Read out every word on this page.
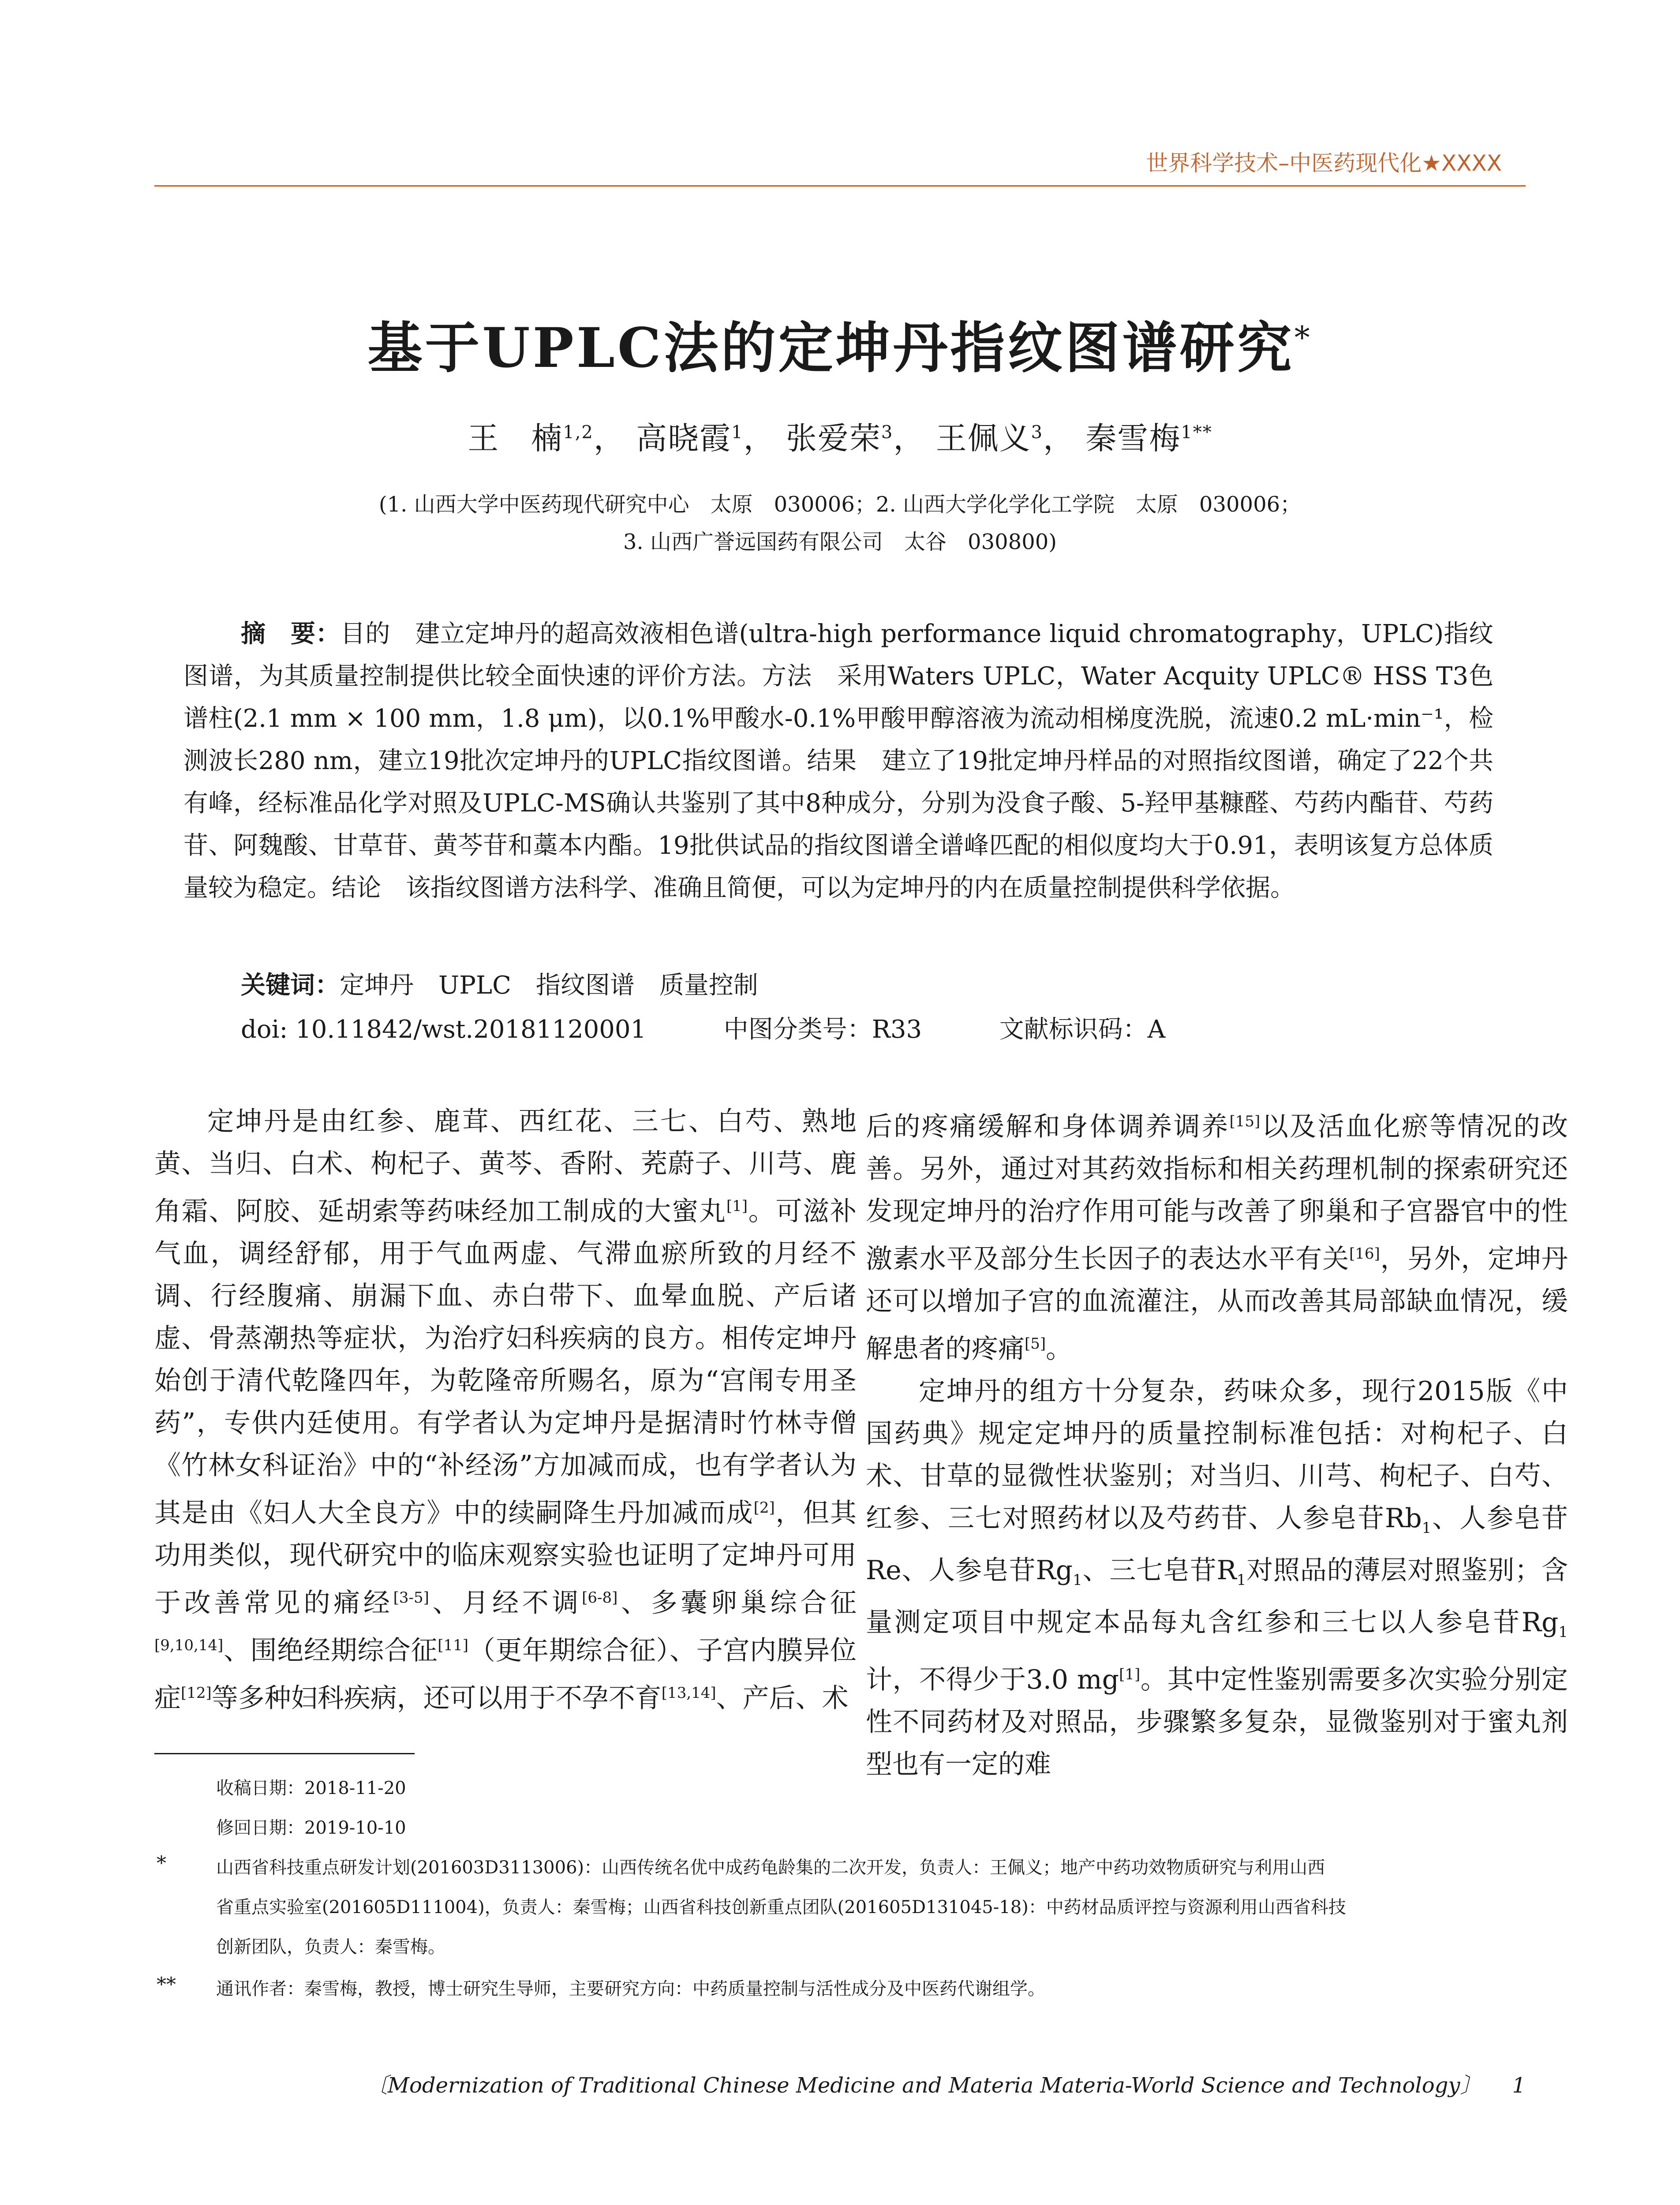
世界科学技术–中医药现代化★XXXX
基于UPLC法的定坤丹指纹图谱研究*
王　楠$^{1,2}$， 高晓霞$^1$， 张爱荣$^3$， 王佩义$^3$， 秦雪梅$^{1**}$
(1. 山西大学中医药现代研究中心　太原　030006；2. 山西大学化学化工学院　太原　030006；
3. 山西广誉远国药有限公司　太谷　030800)

摘　要：目的　建立定坤丹的超高效液相色谱(ultra-high performance liquid chromatography，UPLC)指纹图谱，为其质量控制提供比较全面快速的评价方法。方法　采用Waters UPLC，Water Acquity UPLC® HSS T3色谱柱(2.1 mm × 100 mm，1.8 μm)，以0.1%甲酸水-0.1%甲酸甲醇溶液为流动相梯度洗脱，流速0.2 mL·min⁻¹，检测波长280 nm，建立19批次定坤丹的UPLC指纹图谱。结果　建立了19批定坤丹样品的对照指纹图谱，确定了22个共有峰，经标准品化学对照及UPLC-MS确认共鉴别了其中8种成分，分别为没食子酸、5-羟甲基糠醛、芍药内酯苷、芍药苷、阿魏酸、甘草苷、黄芩苷和藁本内酯。19批供试品的指纹图谱全谱峰匹配的相似度均大于0.91，表明该复方总体质量较为稳定。结论　该指纹图谱方法科学、准确且简便，可以为定坤丹的内在质量控制提供科学依据。

关键词：定坤丹　UPLC　指纹图谱　质量控制
doi: 10.11842/wst.20181120001	中图分类号：R33	文献标识码：A

定坤丹是由红参、鹿茸、西红花、三七、白芍、熟地黄、当归、白术、枸杞子、黄芩、香附、茺蔚子、川芎、鹿角霜、阿胶、延胡索等药味经加工制成的大蜜丸[1]。可滋补气血，调经舒郁，用于气血两虚、气滞血瘀所致的月经不调、行经腹痛、崩漏下血、赤白带下、血晕血脱、产后诸虚、骨蒸潮热等症状，为治疗妇科疾病的良方。相传定坤丹始创于清代乾隆四年，为乾隆帝所赐名，原为“宫闱专用圣药”，专供内廷使用。有学者认为定坤丹是据清时竹林寺僧《竹林女科证治》中的“补经汤”方加减而成，也有学者认为其是由《妇人大全良方》中的续嗣降生丹加减而成[2]，但其功用类似，现代研究中的临床观察实验也证明了定坤丹可用于改善常见的痛经[3-5]、月经不调[6-8]、多囊卵巢综合征[9,10,14]、围绝经期综合征[11]（更年期综合征）、子宫内膜异位症[12]等多种妇科疾病，还可以用于不孕不育[13,14]、产后、术

后的疼痛缓解和身体调养调养[15]以及活血化瘀等情况的改善。另外，通过对其药效指标和相关药理机制的探索研究还发现定坤丹的治疗作用可能与改善了卵巢和子宫器官中的性激素水平及部分生长因子的表达水平有关[16]，另外，定坤丹还可以增加子宫的血流灌注，从而改善其局部缺血情况，缓解患者的疼痛[5]。

定坤丹的组方十分复杂，药味众多，现行2015版《中国药典》规定定坤丹的质量控制标准包括：对枸杞子、白术、甘草的显微性状鉴别；对当归、川芎、枸杞子、白芍、红参、三七对照药材以及芍药苷、人参皂苷$Rb_1$、人参皂苷Re、人参皂苷$Rg_1$、三七皂苷$R_1$对照品的薄层对照鉴别；含量测定项目中规定本品每丸含红参和三七以人参皂苷$Rg_1$计，不得少于3.0 mg[1]。其中定性鉴别需要多次实验分别定性不同药材及对照品，步骤繁多复杂，显微鉴别对于蜜丸剂型也有一定的难

收稿日期：2018-11-20
修回日期：2019-10-10
*	山西省科技重点研发计划(201603D3113006)：山西传统名优中成药龟龄集的二次开发，负责人：王佩义；地产中药功效物质研究与利用山西
省重点实验室(201605D111004)，负责人：秦雪梅；山西省科技创新重点团队(201605D131045-18)：中药材品质评控与资源利用山西省科技
创新团队，负责人：秦雪梅。
** 通讯作者：秦雪梅，教授，博士研究生导师，主要研究方向：中药质量控制与活性成分及中医药代谢组学。
〔Modernization of Traditional Chinese Medicine and Materia Materia-World Science and Technology〕 1
